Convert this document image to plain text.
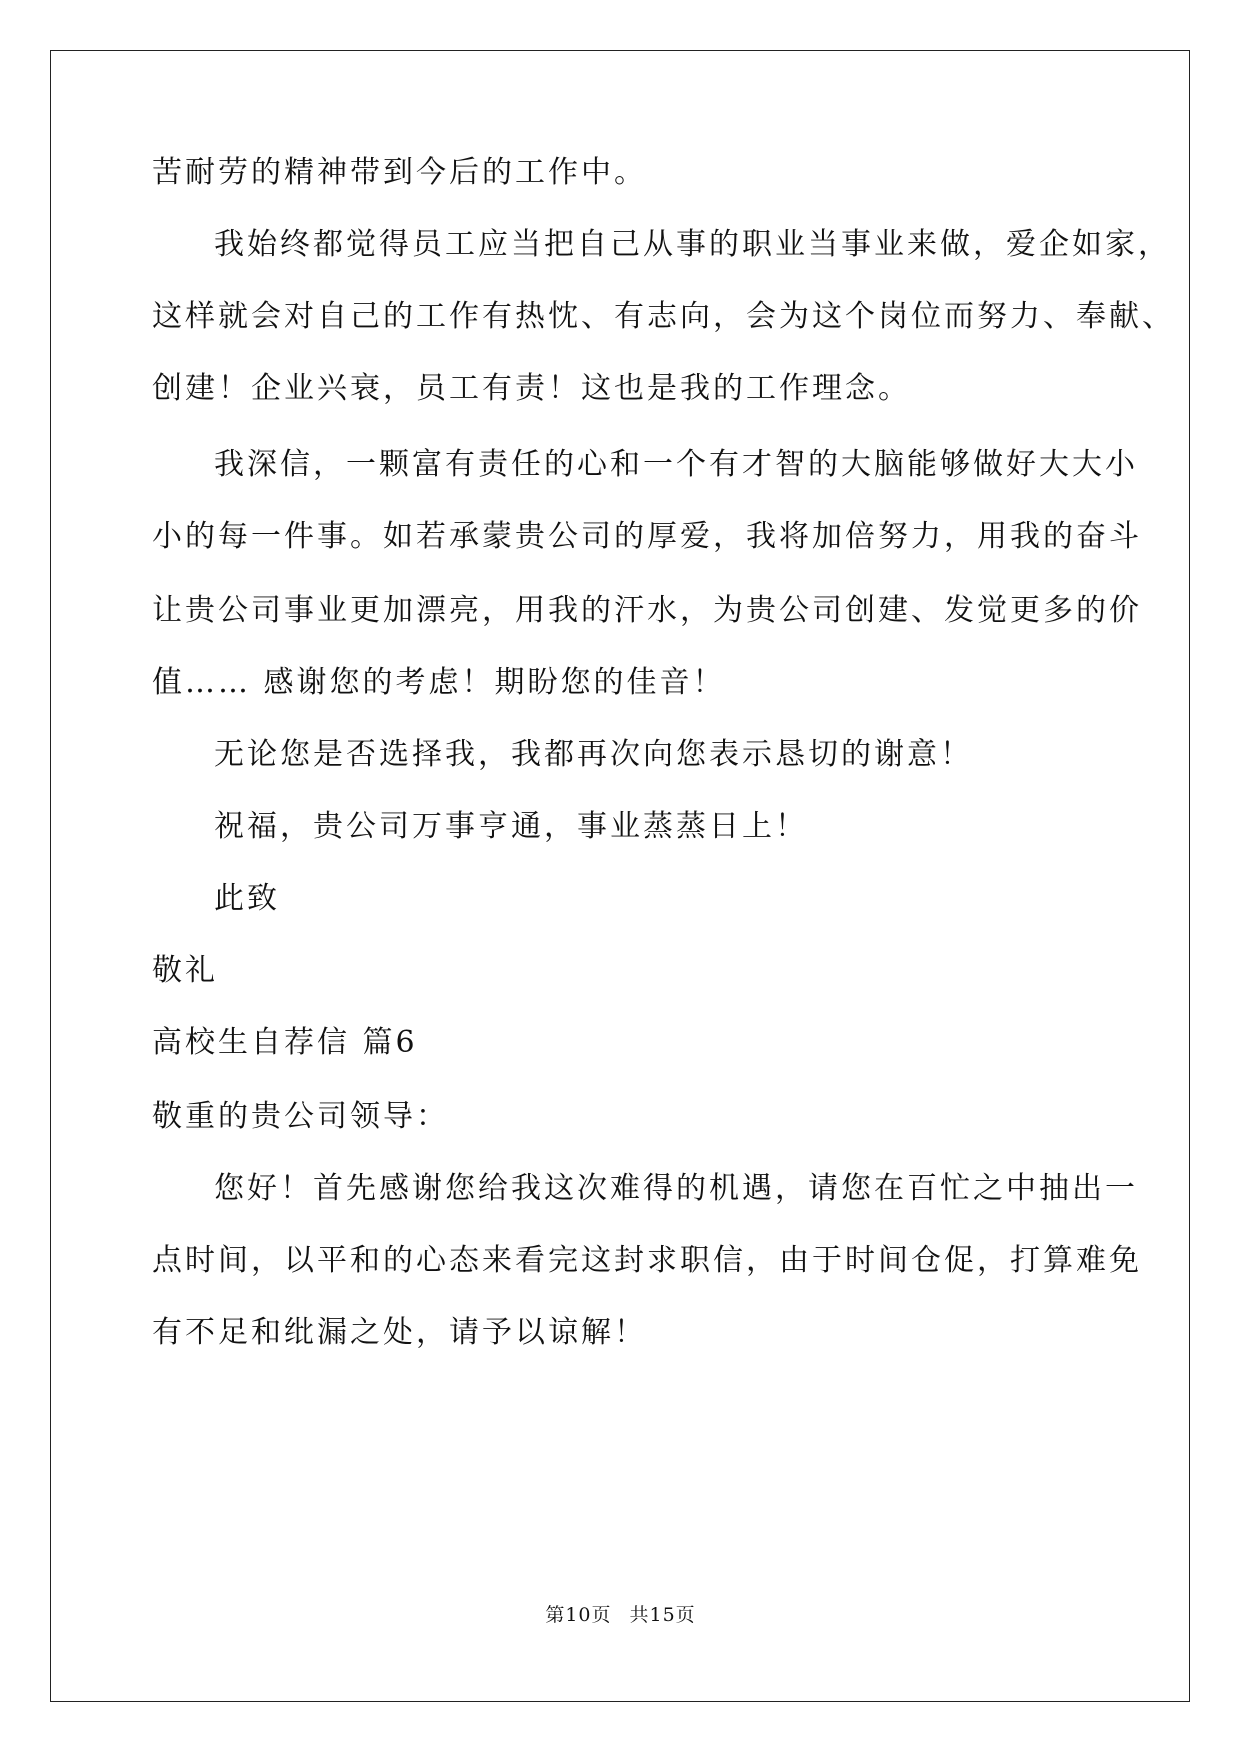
苦耐劳的精神带到今后的工作中。

我始终都觉得员工应当把自己从事的职业当事业来做，爱企如家，

这样就会对自己的工作有热忱、有志向，会为这个岗位而努力、奉献、

创建！企业兴衰，员工有责！这也是我的工作理念。

我深信，一颗富有责任的心和一个有才智的大脑能够做好大大小

小的每一件事。如若承蒙贵公司的厚爱，我将加倍努力，用我的奋斗

让贵公司事业更加漂亮，用我的汗水，为贵公司创建、发觉更多的价

值…… 感谢您的考虑！期盼您的佳音！

无论您是否选择我，我都再次向您表示恳切的谢意！

祝福，贵公司万事亨通，事业蒸蒸日上！

此致

敬礼

高校生自荐信 篇6

敬重的贵公司领导：

您好！首先感谢您给我这次难得的机遇，请您在百忙之中抽出一

点时间，以平和的心态来看完这封求职信，由于时间仓促，打算难免

有不足和纰漏之处，请予以谅解！

第10页 共15页
